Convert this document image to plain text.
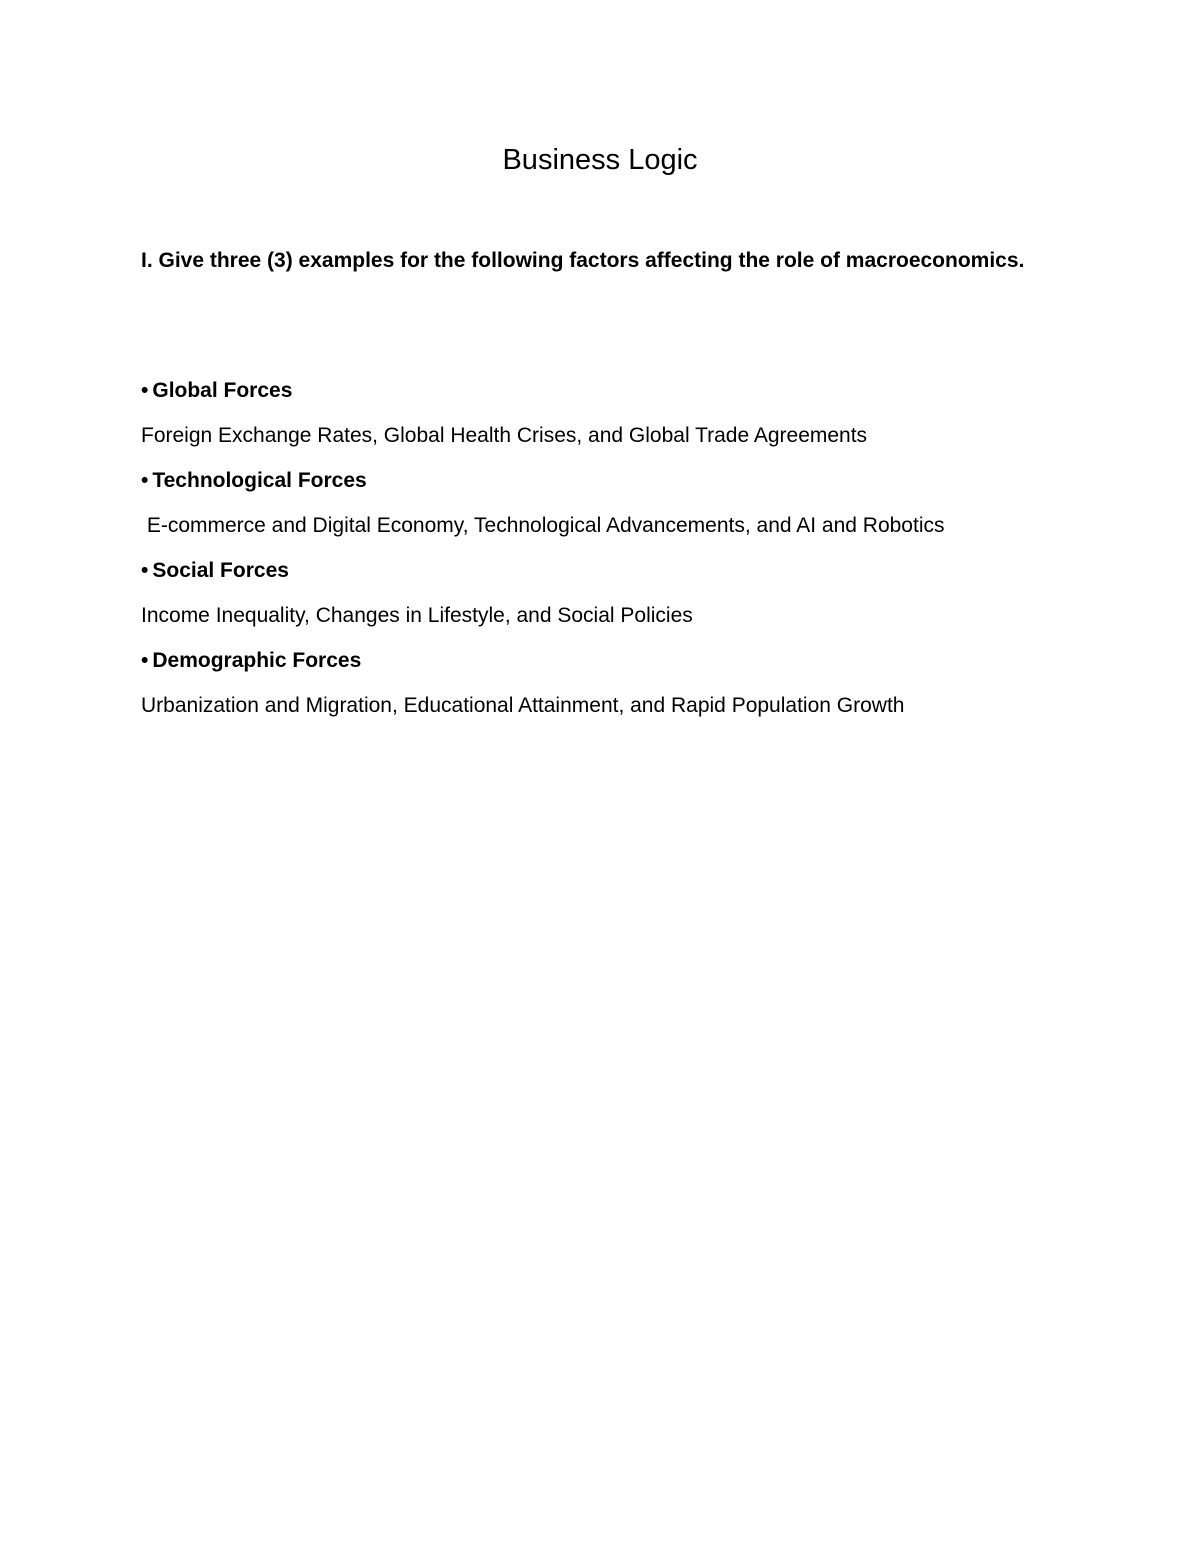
Business Logic
I. Give three (3) examples for the following factors affecting the role of macroeconomics.
• Global Forces
Foreign Exchange Rates, Global Health Crises, and Global Trade Agreements
• Technological Forces
E-commerce and Digital Economy, Technological Advancements, and AI and Robotics
• Social Forces
Income Inequality, Changes in Lifestyle, and Social Policies
• Demographic Forces
Urbanization and Migration, Educational Attainment, and Rapid Population Growth
